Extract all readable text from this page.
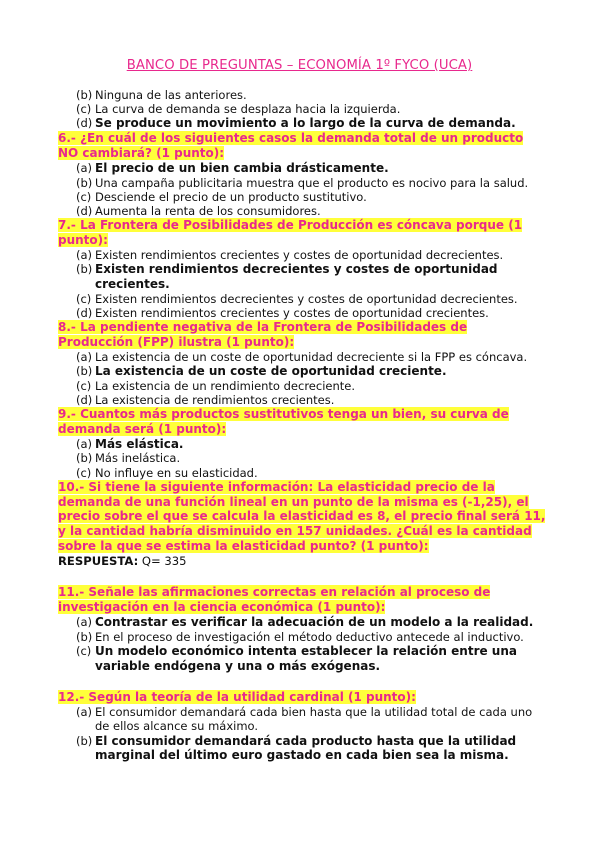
BANCO DE PREGUNTAS – ECONOMÍA 1º FYCO (UCA)
(b) Ninguna de las anteriores.
(c) La curva de demanda se desplaza hacia la izquierda.
(d) Se produce un movimiento a lo largo de la curva de demanda.

6.- ¿En cuál de los siguientes casos la demanda total de un producto NO cambiará? (1 punto):

(a) El precio de un bien cambia drásticamente.
(b) Una campaña publicitaria muestra que el producto es nocivo para la salud.
(c) Desciende el precio de un producto sustitutivo.
(d) Aumenta la renta de los consumidores.

7.- La Frontera de Posibilidades de Producción es cóncava porque (1 punto):

(a) Existen rendimientos crecientes y costes de oportunidad decrecientes.
(b) Existen rendimientos decrecientes y costes de oportunidad crecientes.
(c) Existen rendimientos decrecientes y costes de oportunidad decrecientes.
(d) Existen rendimientos crecientes y costes de oportunidad crecientes.

8.- La pendiente negativa de la Frontera de Posibilidades de Producción (FPP) ilustra (1 punto):

(a) La existencia de un coste de oportunidad decreciente si la FPP es cóncava.
(b) La existencia de un coste de oportunidad creciente.
(c) La existencia de un rendimiento decreciente.
(d) La existencia de rendimientos crecientes.

9.- Cuantos más productos sustitutivos tenga un bien, su curva de demanda será (1 punto):

(a) Más elástica.
(b) Más inelástica.
(c) No influye en su elasticidad.

10.- Si tiene la siguiente información: La elasticidad precio de la demanda de una función lineal en un punto de la misma es (-1,25), el precio sobre el que se calcula la elasticidad es 8, el precio final será 11, y la cantidad habría disminuido en 157 unidades. ¿Cuál es la cantidad sobre la que se estima la elasticidad punto? (1 punto):

RESPUESTA: Q= 335

11.- Señale las afirmaciones correctas en relación al proceso de investigación en la ciencia económica (1 punto):

(a) Contrastar es verificar la adecuación de un modelo a la realidad.
(b) En el proceso de investigación el método deductivo antecede al inductivo.
(c) Un modelo económico intenta establecer la relación entre una variable endógena y una o más exógenas.

12.- Según la teoría de la utilidad cardinal (1 punto):

(a) El consumidor demandará cada bien hasta que la utilidad total de cada uno de ellos alcance su máximo.
(b) El consumidor demandará cada producto hasta que la utilidad marginal del último euro gastado en cada bien sea la misma.
